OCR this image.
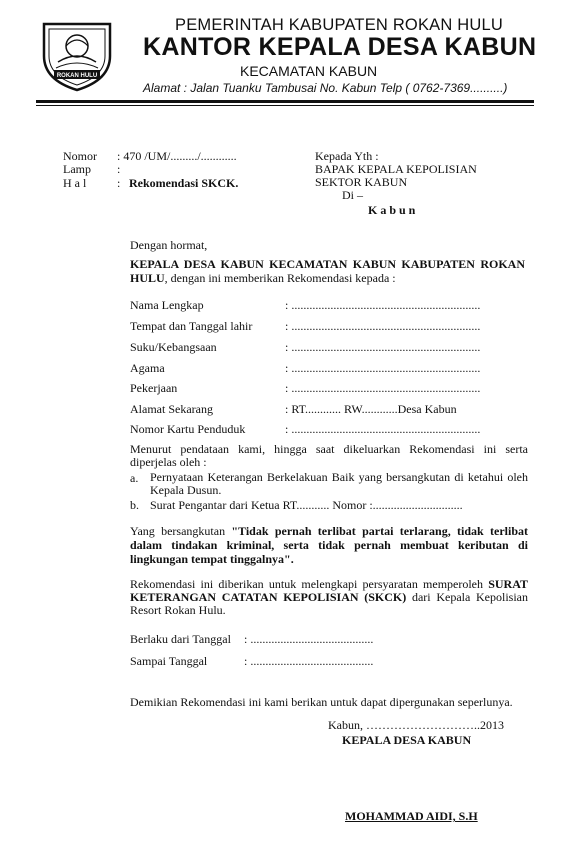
ROKAN HULU
PEMERINTAH KABUPATEN ROKAN HULU
KANTOR KEPALA DESA KABUN
KECAMATAN KABUN
Alamat : Jalan Tuanku Tambusai No. Kabun Telp ( 0762-7369..........)
Nomor : 470 /UM/........./............
Lamp :
H a l	: Rekomendasi SKCK.
Kepada Yth :
BAPAK KEPALA KEPOLISIAN
SEKTOR KABUN
Di –
K a b u n
Dengan hormat,
KEPALA DESA KABUN KECAMATAN KABUN KABUPATEN ROKAN HULU, dengan ini memberikan Rekomendasi kepada :
Nama Lengkap	: ...............................................................
Tempat dan Tanggal lahir	: ...............................................................
Suku/Kebangsaan	: ...............................................................
Agama	: ...............................................................
Pekerjaan	: ...............................................................
Alamat Sekarang	: RT............ RW............Desa Kabun
Nomor Kartu Penduduk	: ...............................................................
Menurut pendataan kami, hingga saat dikeluarkan Rekomendasi ini serta diperjelas oleh :
a. Pernyataan Keterangan Berkelakuan Baik yang bersangkutan di ketahui oleh Kepala Dusun.
b. Surat Pengantar dari Ketua RT........... Nomor :..............................
Yang bersangkutan "Tidak pernah terlibat partai terlarang, tidak terlibat dalam tindakan kriminal, serta tidak pernah membuat keributan di lingkungan tempat tinggalnya".
Rekomendasi ini diberikan untuk melengkapi persyaratan memperoleh SURAT KETERANGAN CATATAN KEPOLISIAN (SKCK) dari Kepala Kepolisian Resort Rokan Hulu.
Berlaku dari Tanggal : .........................................
Sampai Tanggal	: .........................................
Demikian Rekomendasi ini kami berikan untuk dapat dipergunakan seperlunya.
Kabun, ………………………..2013
KEPALA DESA KABUN
MOHAMMAD AIDI, S.H
